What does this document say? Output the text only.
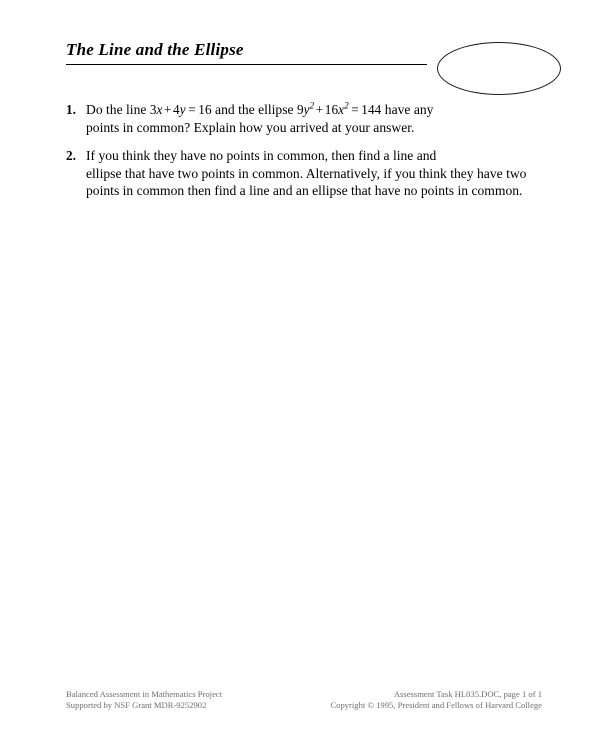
The Line and the Ellipse
1. Do the line 3x + 4y = 16 and the ellipse $9y^2 + 16x^2 = 144$ have any
points in common? Explain how you arrived at your answer.
2. If you think they have no points in common, then find a line and
ellipse that have two points in common. Alternatively, if you think they have two
points in common then find a line and an ellipse that have no points in common.
Balanced Assessment in Mathematics Project
Supported by NSF Grant MDR-9252902
Assessment Task HL035.DOC, page 1 of 1
Copyright © 1995, President and Fellows of Harvard College
